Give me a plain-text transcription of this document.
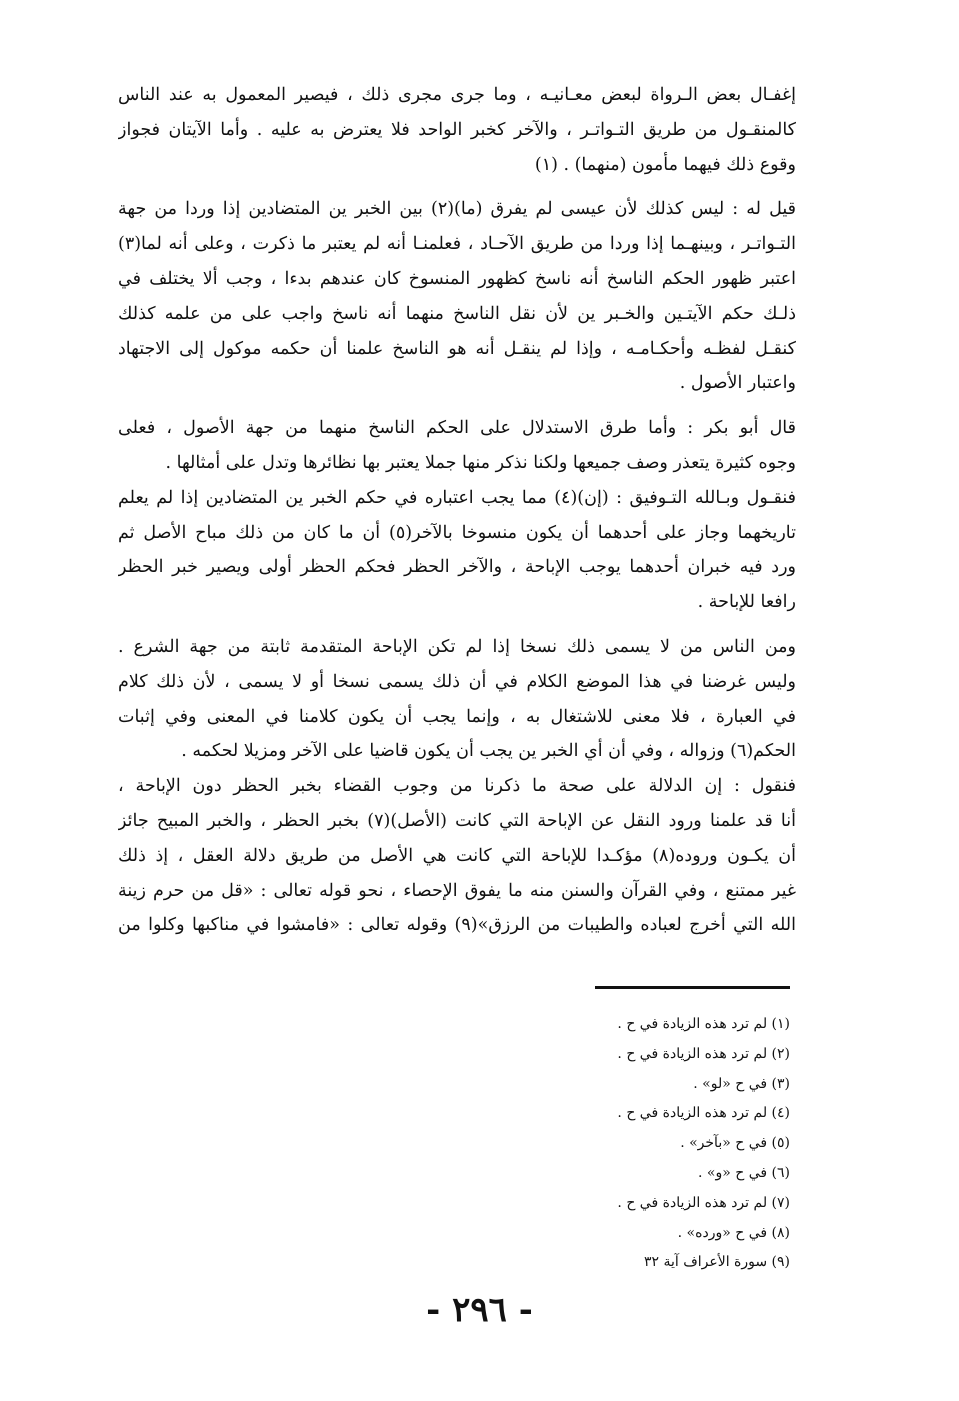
إغفـال بعض الـرواة لبعض معـانيـه ، وما جرى مجرى ذلك ، فيصير المعمول به عند الناس
كالمنقـول من طريق التـواتـر ، والآخر كخبر الواحد فلا يعترض به عليه . وأما الآيتان فجواز
وقوع ذلك فيهما مأمون (منهما) . (١)
قيل له : ليس كذلك لأن عيسى لم يفرق (ما)(٢) بين الخبر ين المتضادين إذا وردا من جهة
التـواتـر ، وبينهـما إذا وردا من طريق الآحـاد ، فعلمنـا أنه لم يعتبر ما ذكرت ، وعلى أنه لما(٣)
اعتبر ظهور الحكم الناسخ أنه ناسخ كظهور المنسوخ كان عندهم بدءا ، وجب ألا يختلف في
ذلـك حكم الآيتـين والخـبر ين لأن نقل الناسخ منهما أنه ناسخ واجب على من علمه كذلك
كنقـل لفظـه وأحكـامـه ، وإذا لم ينقـل أنه هو الناسخ علمنا أن حكمه موكول إلى الاجتهاد
واعتبار الأصول .
قال أبو بكر : وأما طرق الاستدلال على الحكم الناسخ منهما من جهة الأصول ، فعلى
وجوه كثيرة يتعذر وصف جميعها ولكنا نذكر منها جملا يعتبر بها نظائرها وتدل على أمثالها .
فنقـول وبـالله التـوفيق : (إن)(٤) مما يجب اعتباره في حكم الخبر ين المتضادين إذا لم يعلم
تاريخهما وجاز على أحدهما أن يكون منسوخا بالآخر(٥) أن ما كان من ذلك مباح الأصل ثم
ورد فيه خبران أحدهما يوجب الإباحة ، والآخر الحظر فحكم الحظر أولى ويصير خبر الحظر
رافعا للإباحة .
ومن الناس من لا يسمى ذلك نسخا إذا لم تكن الإباحة المتقدمة ثابتة من جهة الشرع .
وليس غرضنا في هذا الموضع الكلام في أن ذلك يسمى نسخا أو لا يسمى ، لأن ذلك كلام
في العبارة ، فلا معنى للاشتغال به ، وإنما يجب أن يكون كلامنا في المعنى وفي إثبات
الحكم(٦) وزواله ، وفي أن أي الخبر ين يجب أن يكون قاضيا على الآخر ومزيلا لحكمه .
فنقول : إن الدلالة على صحة ما ذكرنا من وجوب القضاء بخبر الحظر دون الإباحة ،
أنا قد علمنا ورود النقل عن الإباحة التي كانت (الأصل)(٧) بخبر الحظر ، والخبر المبيح جائز
أن يكـون وروده(٨) مؤكـدا للإباحة التي كانت هي الأصل من طريق دلالة العقل ، إذ ذلك
غير ممتنع ، وفي القرآن والسنن منه ما يفوق الإحصاء ، نحو قوله تعالى : «قل من حرم زينة
الله التي أخرج لعباده والطيبات من الرزق»(٩) وقوله تعالى : «فامشوا في مناكبها وكلوا من
(١) لم ترد هذه الزيادة في ح .
(٢) لم ترد هذه الزيادة في ح .
(٣) في ح «لو» .
(٤) لم ترد هذه الزيادة في ح .
(٥) في ح «بآخر» .
(٦) في ح «و» .
(٧) لم ترد هذه الزيادة في ح .
(٨) في ح «ورده» .
(٩) سورة الأعراف آية ٣٢
- ٢٩٦ -
